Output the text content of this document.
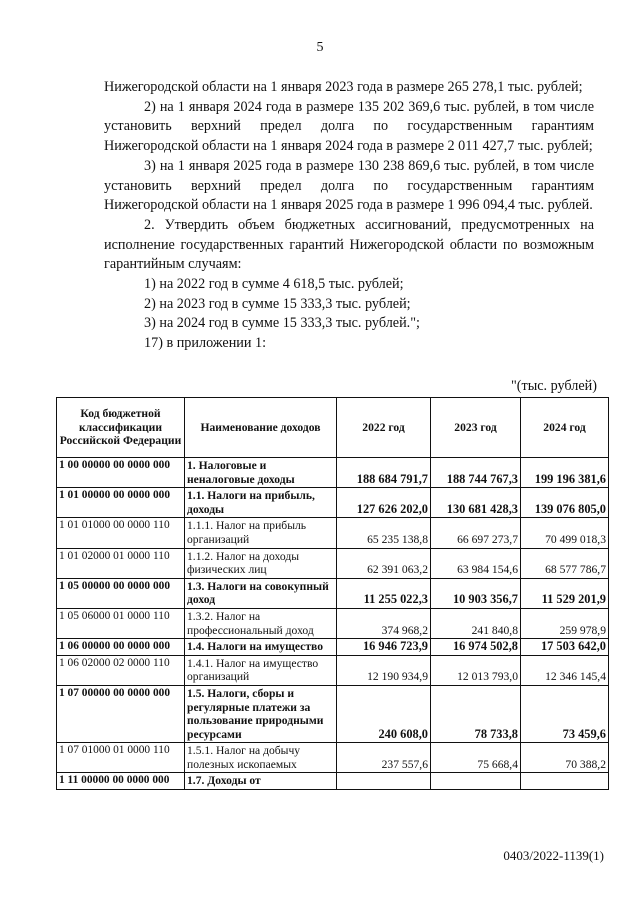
5

Нижегородской области на 1 января 2023 года в размере 265 278,1 тыс. рублей;

2) на 1 января 2024 года в размере 135 202 369,6 тыс. рублей, в том числе установить верхний предел долга по государственным гарантиям Нижегородской области на 1 января 2024 года в размере 2 011 427,7 тыс. рублей;

3) на 1 января 2025 года в размере 130 238 869,6 тыс. рублей, в том числе установить верхний предел долга по государственным гарантиям Нижегородской области на 1 января 2025 года в размере 1 996 094,4 тыс. рублей.

2. Утвердить объем бюджетных ассигнований, предусмотренных на исполнение государственных гарантий Нижегородской области по возможным гарантийным случаям:

1) на 2022 год в сумме 4 618,5 тыс. рублей;

2) на 2023 год в сумме 15 333,3 тыс. рублей;

3) на 2024 год в сумме 15 333,3 тыс. рублей.";

17) в приложении 1:

"(тыс. рублей)
Код бюджетной классификации Российской Федерации	Наименование доходов	2022 год	2023 год	2024 год
1 00 00000 00 0000 000	1. Налоговые и неналоговые доходы	188 684 791,7	188 744 767,3	199 196 381,6
1 01 00000 00 0000 000	1.1. Налоги на прибыль, доходы	127 626 202,0	130 681 428,3	139 076 805,0
1 01 01000 00 0000 110	1.1.1. Налог на прибыль организаций	65 235 138,8	66 697 273,7	70 499 018,3
1 01 02000 01 0000 110	1.1.2. Налог на доходы физических лиц	62 391 063,2	63 984 154,6	68 577 786,7
1 05 00000 00 0000 000	1.3. Налоги на совокупный доход	11 255 022,3	10 903 356,7	11 529 201,9
1 05 06000 01 0000 110	1.3.2. Налог на профессиональный доход	374 968,2	241 840,8	259 978,9
1 06 00000 00 0000 000	1.4. Налоги на имущество	16 946 723,9	16 974 502,8	17 503 642,0
1 06 02000 02 0000 110	1.4.1. Налог на имущество организаций	12 190 934,9	12 013 793,0	12 346 145,4
1 07 00000 00 0000 000	1.5. Налоги, сборы и регулярные платежи за пользование природными ресурсами	240 608,0	78 733,8	73 459,6
1 07 01000 01 0000 110	1.5.1. Налог на добычу полезных ископаемых	237 557,6	75 668,4	70 388,2
1 11 00000 00 0000 000	1.7. Доходы от			
0403/2022-1139(1)
